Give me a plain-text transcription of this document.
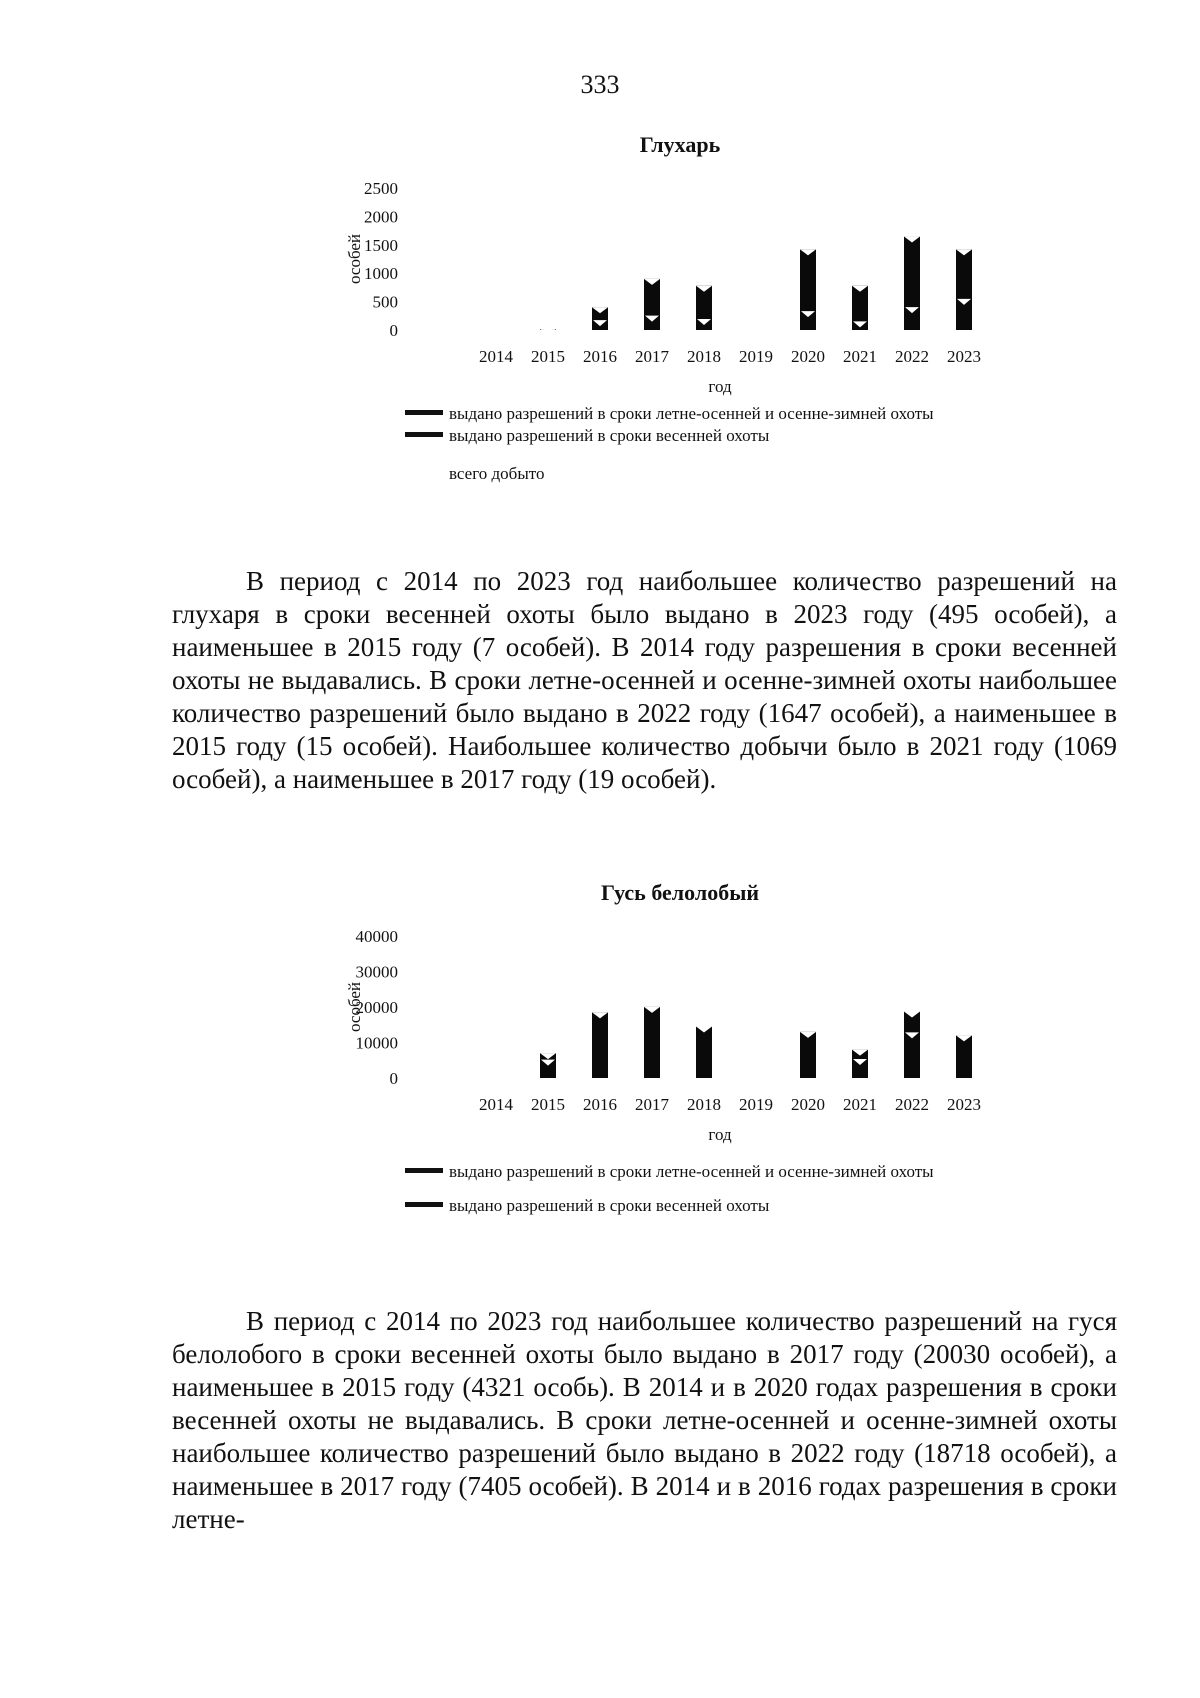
333
Глухарь
особей
2500
2000
1500
1000
500
0
2014 2015 2016 2017 2018 2019 2020 2021 2022 2023
год
выдано разрешений в сроки летне-осенней и осенне-зимней охоты
выдано разрешений в сроки весенней охоты
всего добыто

В период с 2014 по 2023 год наибольшее количество разрешений на глухаря в сроки весенней охоты было выдано в 2023 году (495 особей), а наименьшее в 2015 году (7 особей). В 2014 году разрешения в сроки весенней охоты не выдавались. В сроки летне-осенней и осенне-зимней охоты наибольшее количество разрешений было выдано в 2022 году (1647 особей), а наименьшее в 2015 году (15 особей). Наибольшее количество добычи было в 2021 году (1069 особей), а наименьшее в 2017 году (19 особей).

Гусь белолобый
особей
40000
30000
20000
10000
0
2014 2015 2016 2017 2018 2019 2020 2021 2022 2023
год
выдано разрешений в сроки летне-осенней и осенне-зимней охоты
выдано разрешений в сроки весенней охоты

В период с 2014 по 2023 год наибольшее количество разрешений на гуся белолобого в сроки весенней охоты было выдано в 2017 году (20030 особей), а наименьшее в 2015 году (4321 особь). В 2014 и в 2020 годах разрешения в сроки весенней охоты не выдавались. В сроки летне-осенней и осенне-зимней охоты наибольшее количество разрешений было выдано в 2022 году (18718 особей), а наименьшее в 2017 году (7405 особей). В 2014 и в 2016 годах разрешения в сроки летне-
